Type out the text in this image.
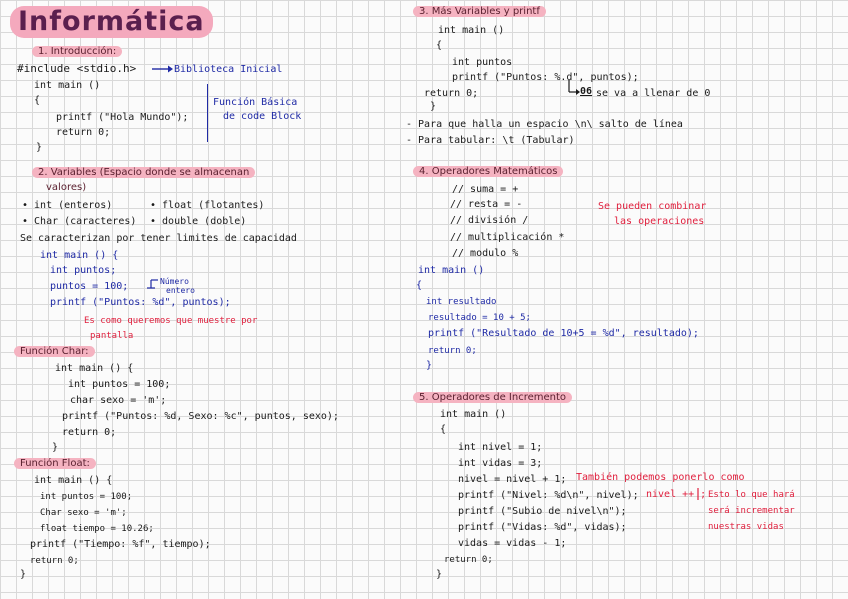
Informática
1. Introducción:
#include <stdio.h>	Biblioteca Inicial
int main ()
{
printf ("Hola Mundo");
return 0;
}
Función Básica
de code Block
2. Variables (Espacio donde se almacenan
valores)
• int (enteros)	• float (flotantes)
• Char (caracteres) • double (doble)
Se caracterizan por tener limites de capacidad
int main () {
int puntos;
puntos = 100;	Número
entero
printf ("Puntos: %d", puntos);
Es como queremos que muestre por
pantalla
Función Char:
int main () {
int puntos = 100;
char sexo = 'm';
printf ("Puntos: %d, Sexo: %c", puntos, sexo);
return 0;
}
Función Float:
int main () {
int puntos = 100;
Char sexo = 'm';
float tiempo = 10.26;
printf ("Tiempo: %f", tiempo);
return 0;
}
3. Más Variables y printf
int main ()
{
int puntos
printf ("Puntos: %.d", puntos);
06 se va a llenar de 0
return 0;
}
- Para que halla un espacio \n\ salto de línea
- Para tabular: \t (Tabular)
4. Operadores Matemáticos
// suma = +
// resta = -
// división /
// multiplicación *
// modulo %
Se pueden combinar
las operaciones
int main ()
{
int resultado
resultado = 10 + 5;
printf ("Resultado de 10+5 = %d", resultado);
return 0;
}
5. Operadores de Incremento
int main ()
{
int nivel = 1;
int vidas = 3;
nivel = nivel + 1;
printf ("Nivel: %d\n", nivel);
printf ("Subio de nivel\n");
printf ("Vidas: %d", vidas);
vidas = vidas - 1;
return 0;
}
También podemos ponerlo como
nivel ++ ; Esto lo que hará
será incrementar
nuestras vidas
